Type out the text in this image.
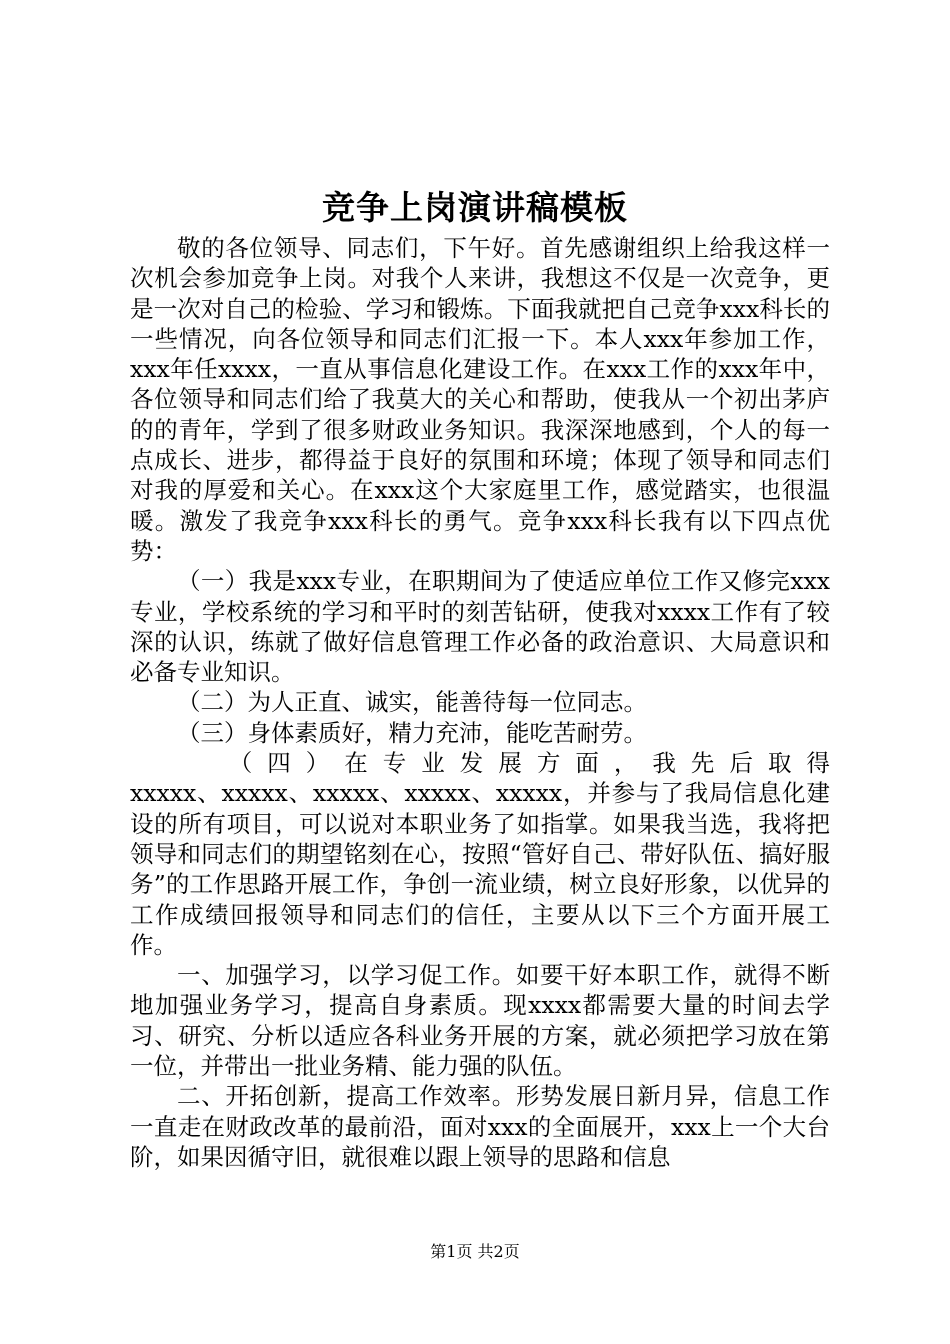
竞争上岗演讲稿模板

敬的各位领导、同志们，下午好。首先感谢组织上给我这样一次机会参加竞争上岗。对我个人来讲，我想这不仅是一次竞争，更是一次对自己的检验、学习和锻炼。下面我就把自己竞争xxx科长的一些情况，向各位领导和同志们汇报一下。本人xxx年参加工作，xxx年任xxxx，一直从事信息化建设工作。在xxx工作的xxx年中，各位领导和同志们给了我莫大的关心和帮助，使我从一个初出茅庐的的青年，学到了很多财政业务知识。我深深地感到，个人的每一点成长、进步，都得益于良好的氛围和环境；体现了领导和同志们对我的厚爱和关心。在xxx这个大家庭里工作，感觉踏实，也很温暖。激发了我竞争xxx科长的勇气。竞争xxx科长我有以下四点优势：

（一）我是xxx专业，在职期间为了使适应单位工作又修完xxx专业，学校系统的学习和平时的刻苦钻研，使我对xxxx工作有了较深的认识，练就了做好信息管理工作必备的政治意识、大局意识和必备专业知识。

（二）为人正直、诚实，能善待每一位同志。

（三）身体素质好，精力充沛，能吃苦耐劳。

（四）在专业发展方面，我先后取得

xxxxx、xxxxx、xxxxx、xxxxx、xxxxx，并参与了我局信息化建设的所有项目，可以说对本职业务了如指掌。如果我当选，我将把领导和同志们的期望铭刻在心，按照“管好自己、带好队伍、搞好服务”的工作思路开展工作，争创一流业绩，树立良好形象，以优异的工作成绩回报领导和同志们的信任，主要从以下三个方面开展工作。

一、加强学习，以学习促工作。如要干好本职工作，就得不断地加强业务学习，提高自身素质。现xxxx都需要大量的时间去学习、研究、分析以适应各科业务开展的方案，就必须把学习放在第一位，并带出一批业务精、能力强的队伍。

二、开拓创新，提高工作效率。形势发展日新月异，信息工作一直走在财政改革的最前沿，面对xxx的全面展开，xxx上一个大台阶，如果因循守旧，就很难以跟上领导的思路和信息

第1页 共2页
